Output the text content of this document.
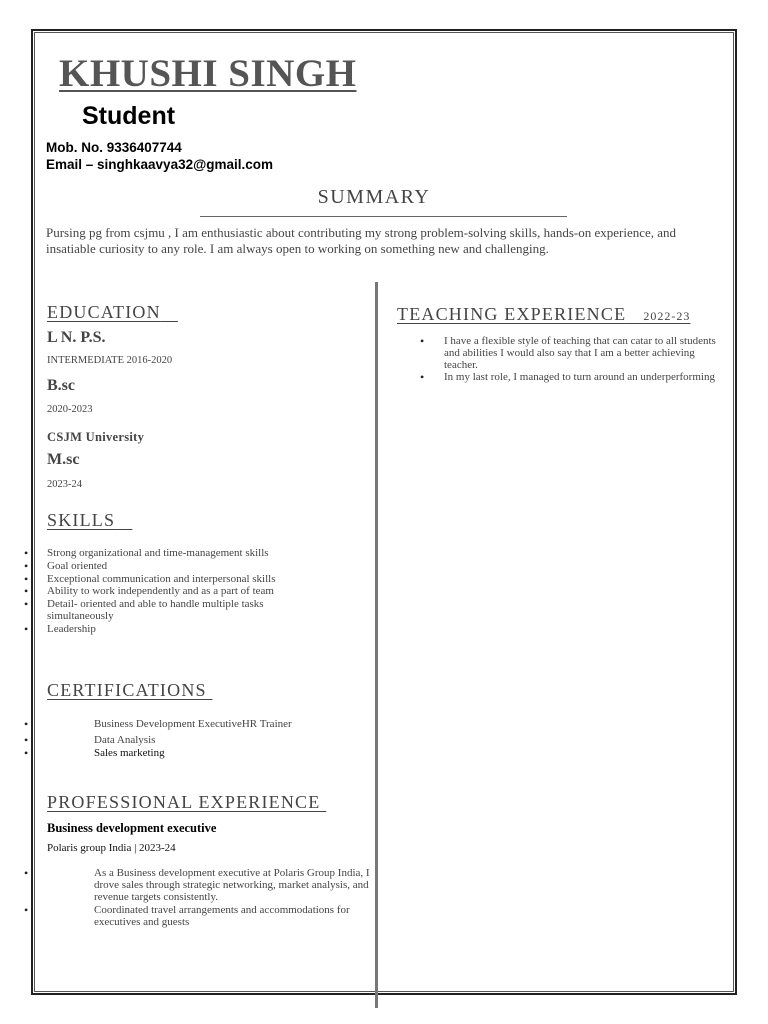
KHUSHI SINGH
Student
Mob. No. 9336407744
Email – singhkaavya32@gmail.com
SUMMARY
Pursing pg from csjmu , I am enthusiastic about contributing my strong problem-solving skills, hands-on experience, and insatiable curiosity to any role. I am always open to working on something new and challenging.
EDUCATION
L N. P.S.
INTERMEDIATE 2016-2020
B.sc
2020-2023
CSJM University
M.sc
2023-24
SKILLS
• Strong organizational and time-management skills
• Goal oriented
• Exceptional communication and interpersonal skills
• Ability to work independently and as a part of team
• Detail- oriented and able to handle multiple tasks simultaneously
• Leadership
CERTIFICATIONS
• Business Development ExecutiveHR Trainer
• Data Analysis
• Sales marketing
PROFESSIONAL EXPERIENCE
Business development executive
Polaris group India | 2023-24
• As a Business development executive at Polaris Group India, I drove sales through strategic networking, market analysis, and revenue targets consistently.
• Coordinated travel arrangements and accommodations for executives and guests
TEACHING EXPERIENCE 2022-23
• I have a flexible style of teaching that can catar to all students and abilities I would also say that I am a better achieving teacher.
• In my last role, I managed to turn around an underperforming
